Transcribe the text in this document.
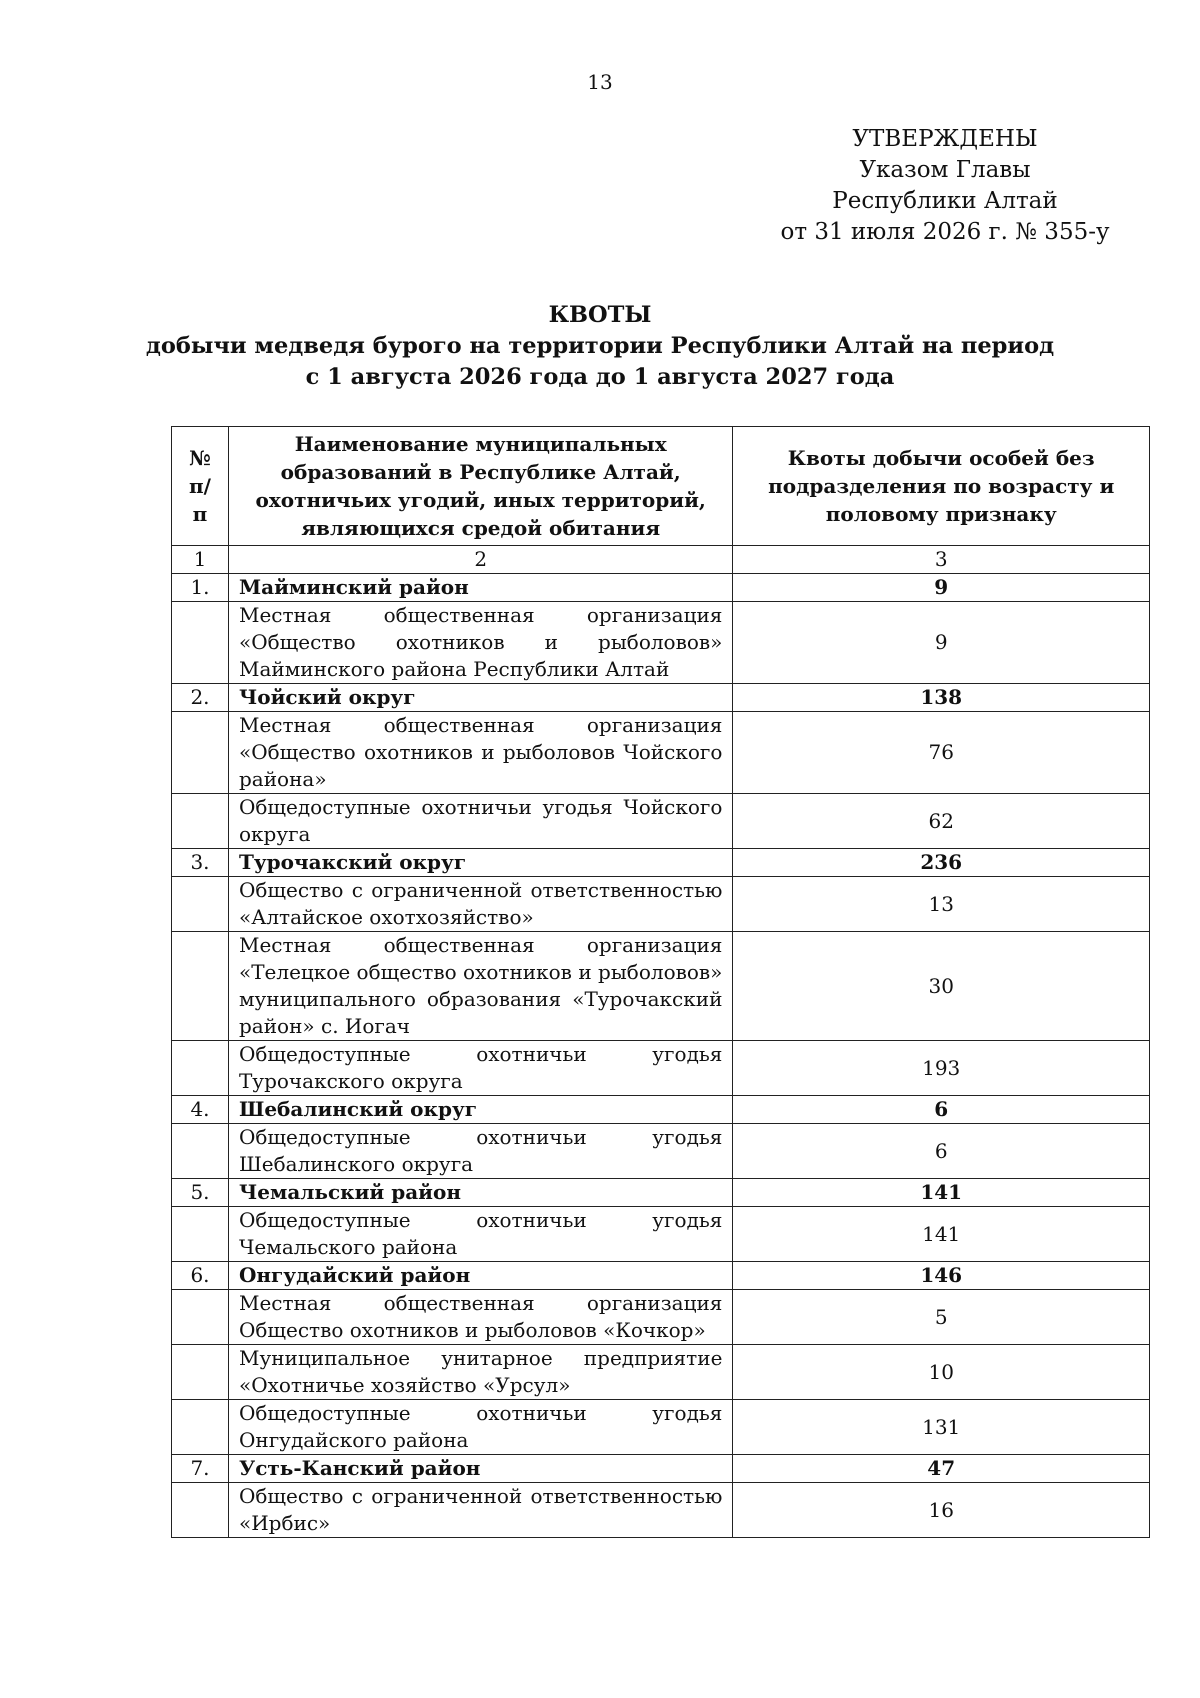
13
УТВЕРЖДЕНЫ
Указом Главы
Республики Алтай
от 31 июля 2026 г. № 355-у
КВОТЫ
добычи медведя бурого на территории Республики Алтай на период
с 1 августа 2026 года до 1 августа 2027 года
№ п/п	Наименование муниципальных образований в Республике Алтай, охотничьих угодий, иных территорий, являющихся средой обитания	Квоты добычи особей без подразделения по возрасту и половому признаку
1	2	3
1.	Майминский район	9
	Местная общественная организация «Общество охотников и рыболовов» Майминского района Республики Алтай	9
2.	Чойский округ	138
	Местная общественная организация «Общество охотников и рыболовов Чойского района»	76
	Общедоступные охотничьи угодья Чойского округа	62
3.	Турочакский округ	236
	Общество с ограниченной ответственностью «Алтайское охотхозяйство»	13
	Местная общественная организация «Телецкое общество охотников и рыболовов» муниципального образования «Турочакский район» с. Иогач	30
	Общедоступные охотничьи угодья Турочакского округа	193
4.	Шебалинский округ	6
	Общедоступные охотничьи угодья Шебалинского округа	6
5.	Чемальский район	141
	Общедоступные охотничьи угодья Чемальского района	141
6.	Онгудайский район	146
	Местная общественная организация Общество охотников и рыболовов «Кочкор»	5
	Муниципальное унитарное предприятие «Охотничье хозяйство «Урсул»	10
	Общедоступные охотничьи угодья Онгудайского района	131
7.	Усть-Канский район	47
	Общество с ограниченной ответственностью «Ирбис»	16
